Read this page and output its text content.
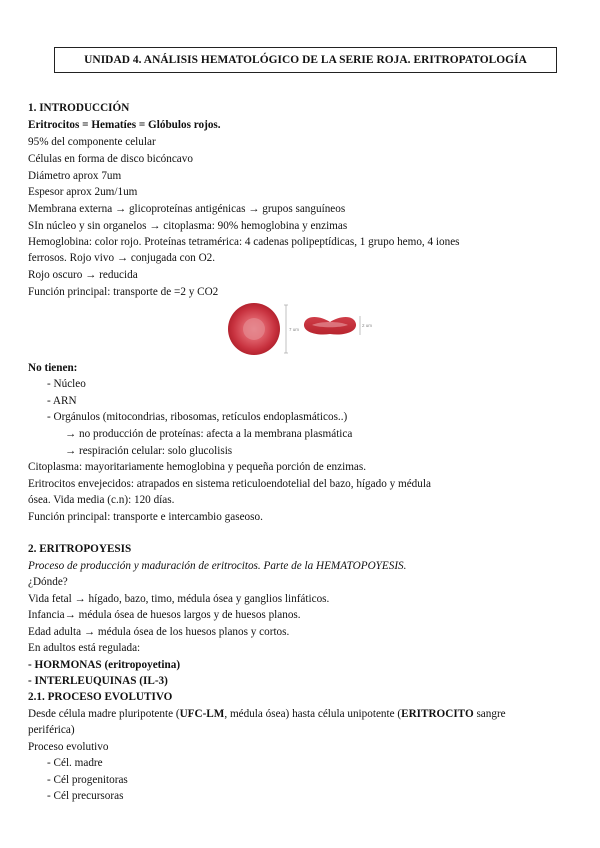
UNIDAD 4. ANÁLISIS HEMATOLÓGICO DE LA SERIE ROJA. ERITROPATOLOGÍA
1. INTRODUCCIÓN
Eritrocitos = Hematíes = Glóbulos rojos.
95% del componente celular
Células en forma de disco bicóncavo
Diámetro aprox 7um
Espesor aprox 2um/1um
Membrana externa → glicoproteínas antigénicas → grupos sanguíneos
SIn núcleo y sin organelos → citoplasma: 90% hemoglobina y enzimas
Hemoglobina: color rojo. Proteínas tetramérica: 4 cadenas polipeptídicas, 1 grupo hemo, 4 iones
ferrosos. Rojo vivo → conjugada con O2.
Rojo oscuro → reducida
Función principal: transporte de =2 y CO2
7 um
2 um
No tienen:
- Núcleo
- ARN
- Orgánulos (mitocondrias, ribosomas, retículos endoplasmáticos..)
→ no producción de proteínas: afecta a la membrana plasmática
→ respiración celular: solo glucolisis
Citoplasma: mayoritariamente hemoglobina y pequeña porción de enzimas.
Eritrocitos envejecidos: atrapados en sistema reticuloendotelial del bazo, hígado y médula
ósea. Vida media (c.n): 120 días.
Función principal: transporte e intercambio gaseoso.
2. ERITROPOYESIS
Proceso de producción y maduración de eritrocitos. Parte de la HEMATOPOYESIS.
¿Dónde?
Vida fetal → hígado, bazo, timo, médula ósea y ganglios linfáticos.
Infancia→ médula ósea de huesos largos y de huesos planos.
Edad adulta → médula ósea de los huesos planos y cortos.
En adultos está regulada:
- HORMONAS (eritropoyetina)
- INTERLEUQUINAS (IL-3)
2.1. PROCESO EVOLUTIVO
Desde célula madre pluripotente (UFC-LM, médula ósea) hasta célula unipotente (ERITROCITO sangre
periférica)
Proceso evolutivo
- Cél. madre
- Cél progenitoras
- Cél precursoras
